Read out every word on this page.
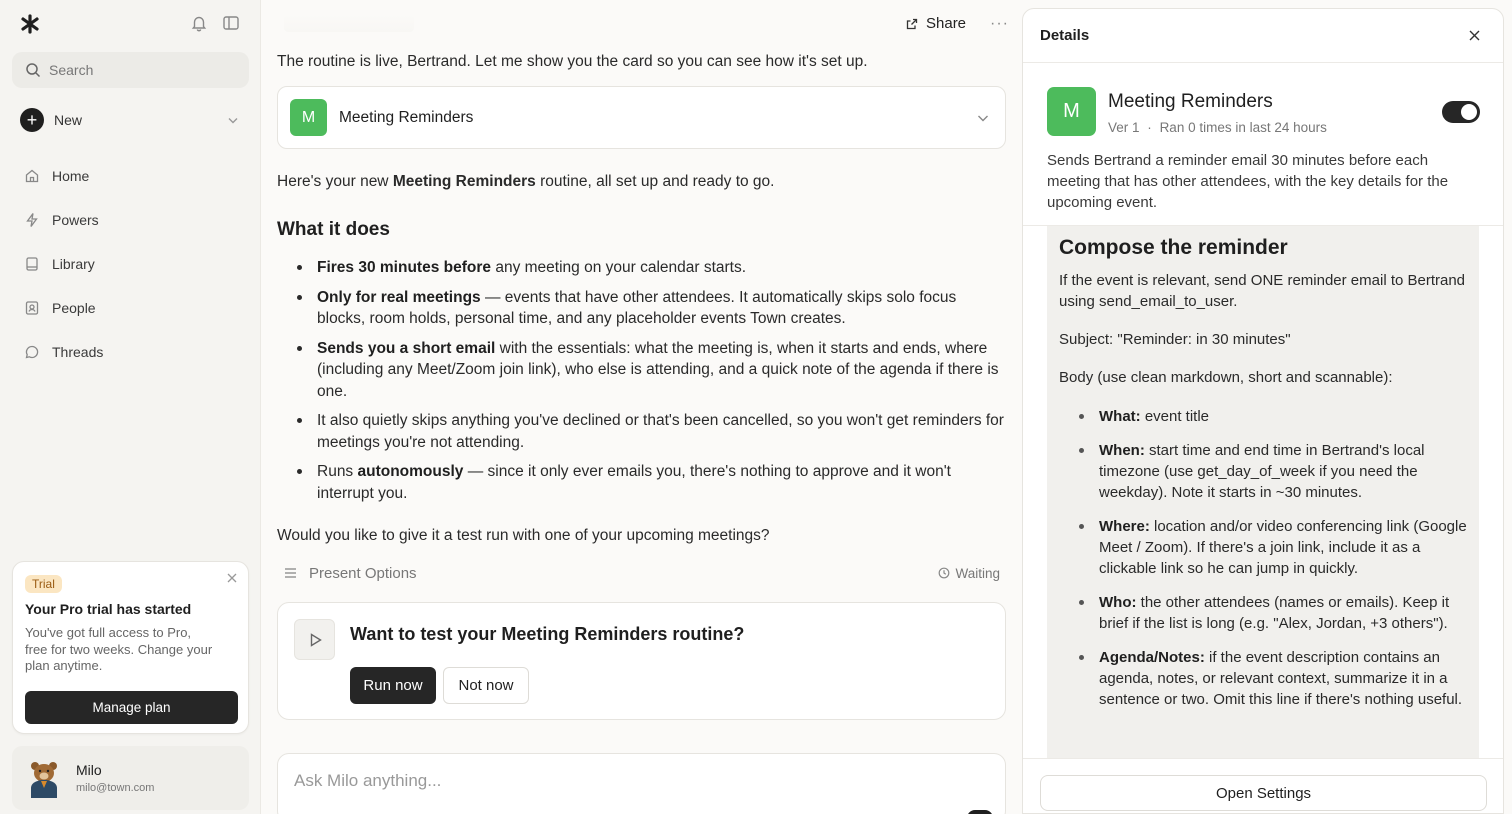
Search
+	New
Home
Powers
Library
People
Threads
Trial
Your Pro trial has started
You've got full access to Pro, free for two weeks. Change your plan anytime.
Manage plan
Milo
milo@town.com
Share ···
The routine is live, Bertrand. Let me show you the card so you can see how it's set up.
M	Meeting Reminders
Here's your new Meeting Reminders routine, all set up and ready to go.
What it does
Fires 30 minutes before any meeting on your calendar starts.
Only for real meetings — events that have other attendees. It automatically skips solo focus blocks, room holds, personal time, and any placeholder events Town creates.
Sends you a short email with the essentials: what the meeting is, when it starts and ends, where (including any Meet/Zoom join link), who else is attending, and a quick note of the agenda if there is one.
It also quietly skips anything you've declined or that's been cancelled, so you won't get reminders for meetings you're not attending.
Runs autonomously — since it only ever emails you, there's nothing to approve and it won't interrupt you.
Would you like to give it a test run with one of your upcoming meetings?
Present Options	Waiting
Want to test your Meeting Reminders routine?
Run now	Not now
Ask Milo anything...
Details
M	Meeting Reminders
Ver 1 · Ran 0 times in last 24 hours
Sends Bertrand a reminder email 30 minutes before each meeting that has other attendees, with the key details for the upcoming event.
Compose the reminder
If the event is relevant, send ONE reminder email to Bertrand using send_email_to_user.
Subject: "Reminder: in 30 minutes"
Body (use clean markdown, short and scannable):
What: event title
When: start time and end time in Bertrand's local timezone (use get_day_of_week if you need the weekday). Note it starts in ~30 minutes.
Where: location and/or video conferencing link (Google Meet / Zoom). If there's a join link, include it as a clickable link so he can jump in quickly.
Who: the other attendees (names or emails). Keep it brief if the list is long (e.g. "Alex, Jordan, +3 others").
Agenda/Notes: if the event description contains an agenda, notes, or relevant context, summarize it in a sentence or two. Omit this line if there's nothing useful.
Open Settings
